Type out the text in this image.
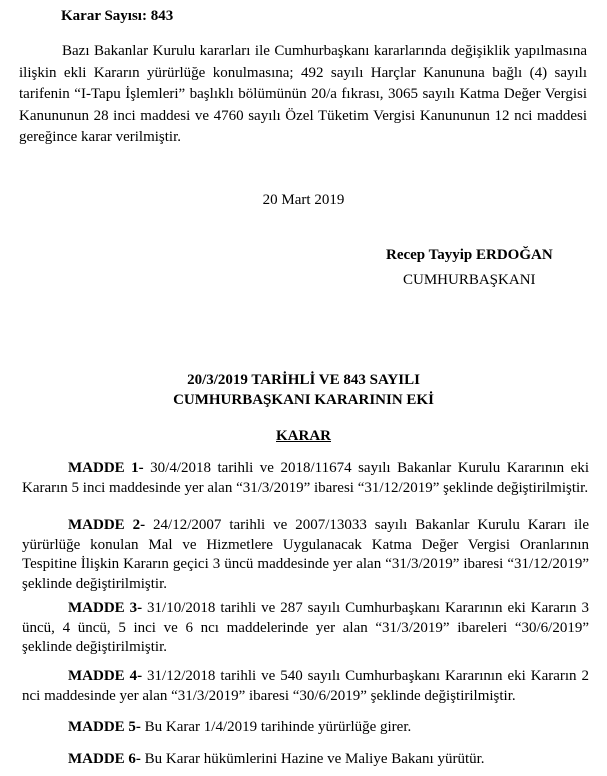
Karar Sayısı: 843

Bazı Bakanlar Kurulu kararları ile Cumhurbaşkanı kararlarında değişiklik yapılmasına ilişkin ekli Kararın yürürlüğe konulmasına; 492 sayılı Harçlar Kanununa bağlı (4) sayılı tarifenin “I-Tapu İşlemleri” başlıklı bölümünün 20/a fıkrası, 3065 sayılı Katma Değer Vergisi Kanununun 28 inci maddesi ve 4760 sayılı Özel Tüketim Vergisi Kanununun 12 nci maddesi gereğince karar verilmiştir.

20 Mart 2019
Recep Tayyip ERDOĞAN
CUMHURBAŞKANI
20/3/2019 TARİHLİ VE 843 SAYILI
CUMHURBAŞKANI KARARININ EKİ
KARAR

MADDE 1- 30/4/2018 tarihli ve 2018/11674 sayılı Bakanlar Kurulu Kararının eki Kararın 5 inci maddesinde yer alan “31/3/2019” ibaresi “31/12/2019” şeklinde değiştirilmiştir.

MADDE 2- 24/12/2007 tarihli ve 2007/13033 sayılı Bakanlar Kurulu Kararı ile yürürlüğe konulan Mal ve Hizmetlere Uygulanacak Katma Değer Vergisi Oranlarının Tespitine İlişkin Kararın geçici 3 üncü maddesinde yer alan “31/3/2019” ibaresi “31/12/2019” şeklinde değiştirilmiştir.

MADDE 3- 31/10/2018 tarihli ve 287 sayılı Cumhurbaşkanı Kararının eki Kararın 3 üncü, 4 üncü, 5 inci ve 6 ncı maddelerinde yer alan “31/3/2019” ibareleri “30/6/2019” şeklinde değiştirilmiştir.

MADDE 4- 31/12/2018 tarihli ve 540 sayılı Cumhurbaşkanı Kararının eki Kararın 2 nci maddesinde yer alan “31/3/2019” ibaresi “30/6/2019” şeklinde değiştirilmiştir.

MADDE 5- Bu Karar 1/4/2019 tarihinde yürürlüğe girer.

MADDE 6- Bu Karar hükümlerini Hazine ve Maliye Bakanı yürütür.
